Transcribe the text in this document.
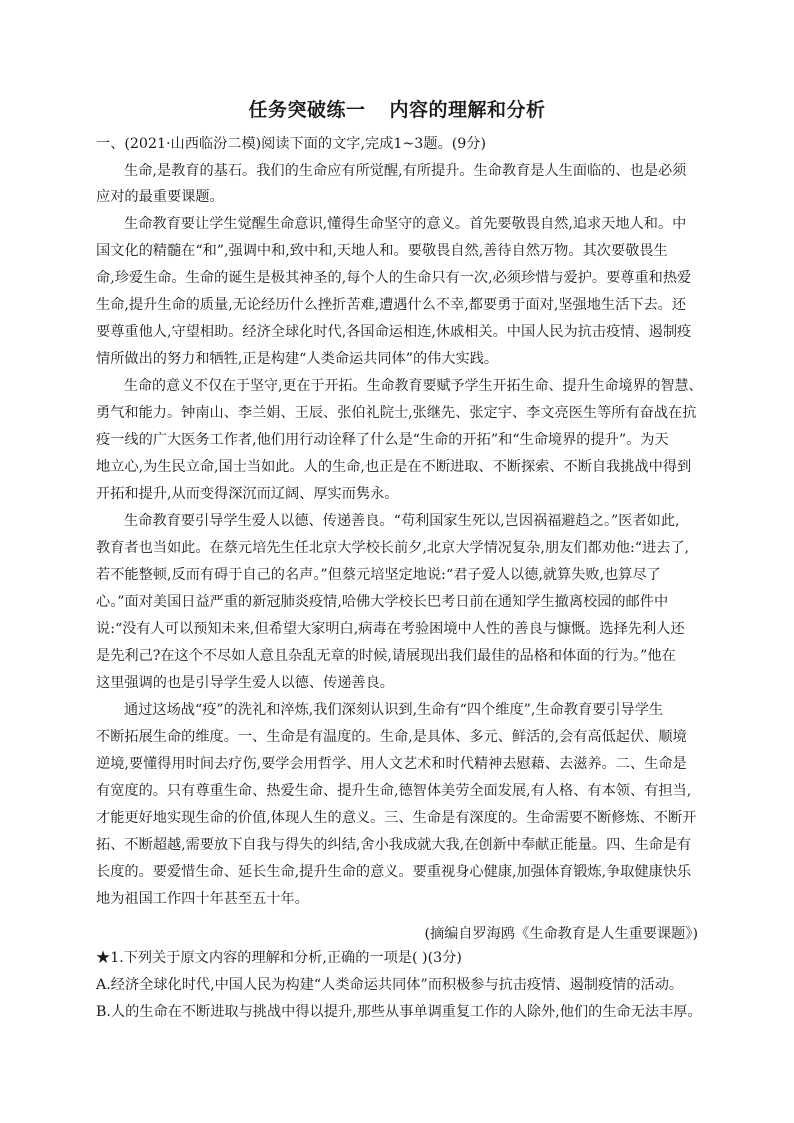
任务突破练一 内容的理解和分析
一、(2021·山西临汾二模)阅读下面的文字,完成1~3题。(9分)
生命,是教育的基石。我们的生命应有所觉醒,有所提升。生命教育是人生面临的、也是必须
应对的最重要课题。
生命教育要让学生觉醒生命意识,懂得生命坚守的意义。首先要敬畏自然,追求天地人和。中
国文化的精髓在“和”,强调中和,致中和,天地人和。要敬畏自然,善待自然万物。其次要敬畏生
命,珍爱生命。生命的诞生是极其神圣的,每个人的生命只有一次,必须珍惜与爱护。要尊重和热爱
生命,提升生命的质量,无论经历什么挫折苦难,遭遇什么不幸,都要勇于面对,坚强地生活下去。还
要尊重他人,守望相助。经济全球化时代,各国命运相连,休戚相关。中国人民为抗击疫情、遏制疫
情所做出的努力和牺牲,正是构建“人类命运共同体”的伟大实践。
生命的意义不仅在于坚守,更在于开拓。生命教育要赋予学生开拓生命、提升生命境界的智慧、
勇气和能力。钟南山、李兰娟、王辰、张伯礼院士,张继先、张定宇、李文亮医生等所有奋战在抗
疫一线的广大医务工作者,他们用行动诠释了什么是“生命的开拓”和“生命境界的提升”。为天
地立心,为生民立命,国士当如此。人的生命,也正是在不断进取、不断探索、不断自我挑战中得到
开拓和提升,从而变得深沉而辽阔、厚实而隽永。
生命教育要引导学生爱人以德、传递善良。“苟利国家生死以,岂因祸福避趋之。”医者如此,
教育者也当如此。在蔡元培先生任北京大学校长前夕,北京大学情况复杂,朋友们都劝他:“进去了,
若不能整顿,反而有碍于自己的名声。”但蔡元培坚定地说:“君子爱人以德,就算失败,也算尽了
心。”面对美国日益严重的新冠肺炎疫情,哈佛大学校长巴考日前在通知学生撤离校园的邮件中
说:“没有人可以预知未来,但希望大家明白,病毒在考验困境中人性的善良与慷慨。选择先利人还
是先利己?在这个不尽如人意且杂乱无章的时候,请展现出我们最佳的品格和体面的行为。”他在
这里强调的也是引导学生爱人以德、传递善良。
通过这场战“疫”的洗礼和淬炼,我们深刻认识到,生命有“四个维度”,生命教育要引导学生
不断拓展生命的维度。一、生命是有温度的。生命,是具体、多元、鲜活的,会有高低起伏、顺境
逆境,要懂得用时间去疗伤,要学会用哲学、用人文艺术和时代精神去慰藉、去滋养。二、生命是
有宽度的。只有尊重生命、热爱生命、提升生命,德智体美劳全面发展,有人格、有本领、有担当,
才能更好地实现生命的价值,体现人生的意义。三、生命是有深度的。生命需要不断修炼、不断开
拓、不断超越,需要放下自我与得失的纠结,舍小我成就大我,在创新中奉献正能量。四、生命是有
长度的。要爱惜生命、延长生命,提升生命的意义。要重视身心健康,加强体育锻炼,争取健康快乐
地为祖国工作四十年甚至五十年。
(摘编自罗海鸥《生命教育是人生重要课题》)
★1.下列关于原文内容的理解和分析,正确的一项是( )(3分)
A.经济全球化时代,中国人民为构建“人类命运共同体”而积极参与抗击疫情、遏制疫情的活动。
B.人的生命在不断进取与挑战中得以提升,那些从事单调重复工作的人除外,他们的生命无法丰厚。
